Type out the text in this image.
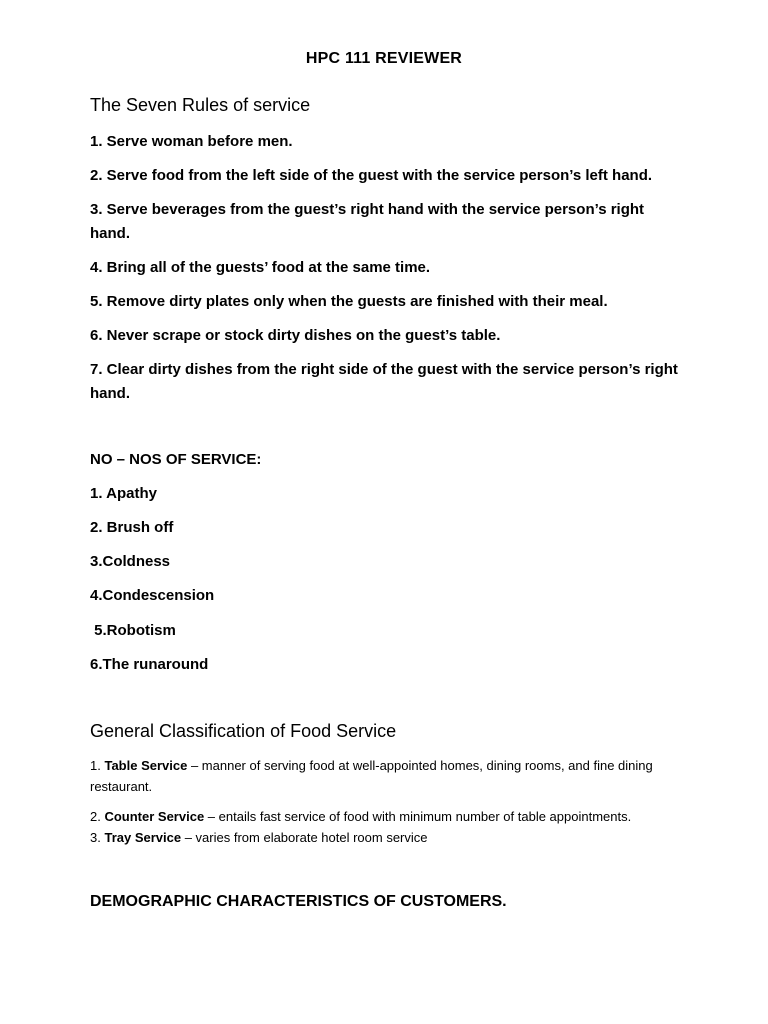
HPC 111 REVIEWER
The Seven Rules of service
1. Serve woman before men.
2. Serve food from the left side of the guest with the service person’s left hand.
3. Serve beverages from the guest’s right hand with the service person’s right hand.
4. Bring all of the guests’ food at the same time.
5. Remove dirty plates only when the guests are finished with their meal.
6. Never scrape or stock dirty dishes on the guest’s table.
7. Clear dirty dishes from the right side of the guest with the service person’s right hand.
NO – NOS OF SERVICE:
1. Apathy
2. Brush off
3.Coldness
4.Condescension
5.Robotism
6.The runaround
General Classification of Food Service
1. Table Service – manner of serving food at well-appointed homes, dining rooms, and fine dining restaurant.
2. Counter Service – entails fast service of food with minimum number of table appointments.
3. Tray Service – varies from elaborate hotel room service
DEMOGRAPHIC CHARACTERISTICS OF CUSTOMERS.
